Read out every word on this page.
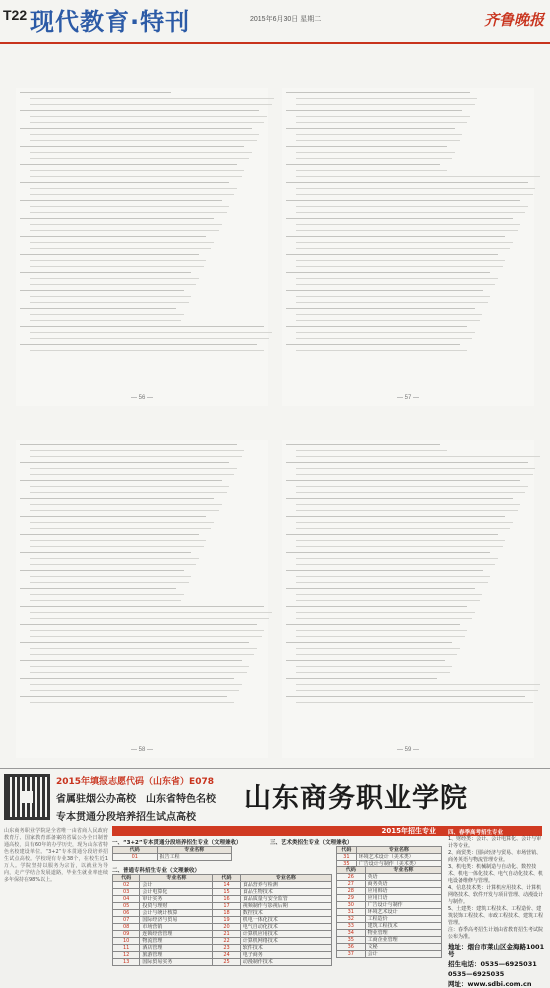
T22 现代教育·特刊	2015年6月30日 星期二	齐鲁晚报
— 56 —	— 57 —
— 58 —	— 59 —
2015年填报志愿代码（山东省）E078
省属驻烟公办高校　山东省特色名校
专本贯通分段培养招生试点高校
山东商务职业学院
山东商务职业学院是全省唯一由省商人民政府教育厅、国家教育部备案的省属公办全日制普通高校，具有60年的办学历史，现为山东省特色名校建设单位。“3+2”专本贯通分段培养招生试点高校。学校现有专业38个，在校生近1万人。学院坚持以服务为宗旨，以就业为导向，走产学结合发展道路，毕业生就业率连续多年保持在98%以上。
2015年招生专业
一、“3+2”专本贯通分段培养招生专业（文理兼收）
代码	专业名称
01	报告工程
二、普通专科招生专业（文理兼收）
代码	专业名称	代码	专业名称
02	会计	14	食品营养与检测
03	会计电算化	15	食品生物技术
04	审计实务	16	食品质量与安全监管
05	投资与理财	17	视频制作与影视后期
06	会计与统计核算	18	数控技术
07	国际经济与贸易	19	机电一体化技术
08	市场营销	20	电气自动化技术
09	连锁经营管理	21	计算机应用技术
10	物流管理	22	计算机网络技术
11	酒店管理	23	软件技术
12	旅游管理	24	电子商务
13	国际贸易实务	25	动漫制作技术
三、艺术类招生专业（文理兼收）
代码	专业名称
31	环境艺术设计（美术类）
35	广告设计与制作（美术类）
代码	专业名称
26	英语
27	商务英语
28	应用韩语
29	应用日语
30	广告设计与制作
31	环境艺术设计
32	工程造价
33	建筑工程技术
34	物业管理
35	工商企业管理
36	文秘
37	会计
四、春季高考招生专业
1、财经类：会计、会计电算化、会计与审计等专业。
2、商贸类：国际经济与贸易、市场营销、商务英语与物流管理专业。
3、机电类：机械制造与自动化、数控技术、机电一体化技术、电气自动化技术、机电设备维修与管理。
4、信息技术类：计算机应用技术、计算机网络技术、软件开发与项目管理、动漫设计与制作。
5、土建类：建筑工程技术、工程造价、建筑装饰工程技术、市政工程技术、建筑工程管理。
注：春季高考招生计划由省教育招生考试院公布为准。
地址：烟台市莱山区金海路1001号
招生电话：0535—6925031
0535—6925035
网址：www.sdbi.com.cn
